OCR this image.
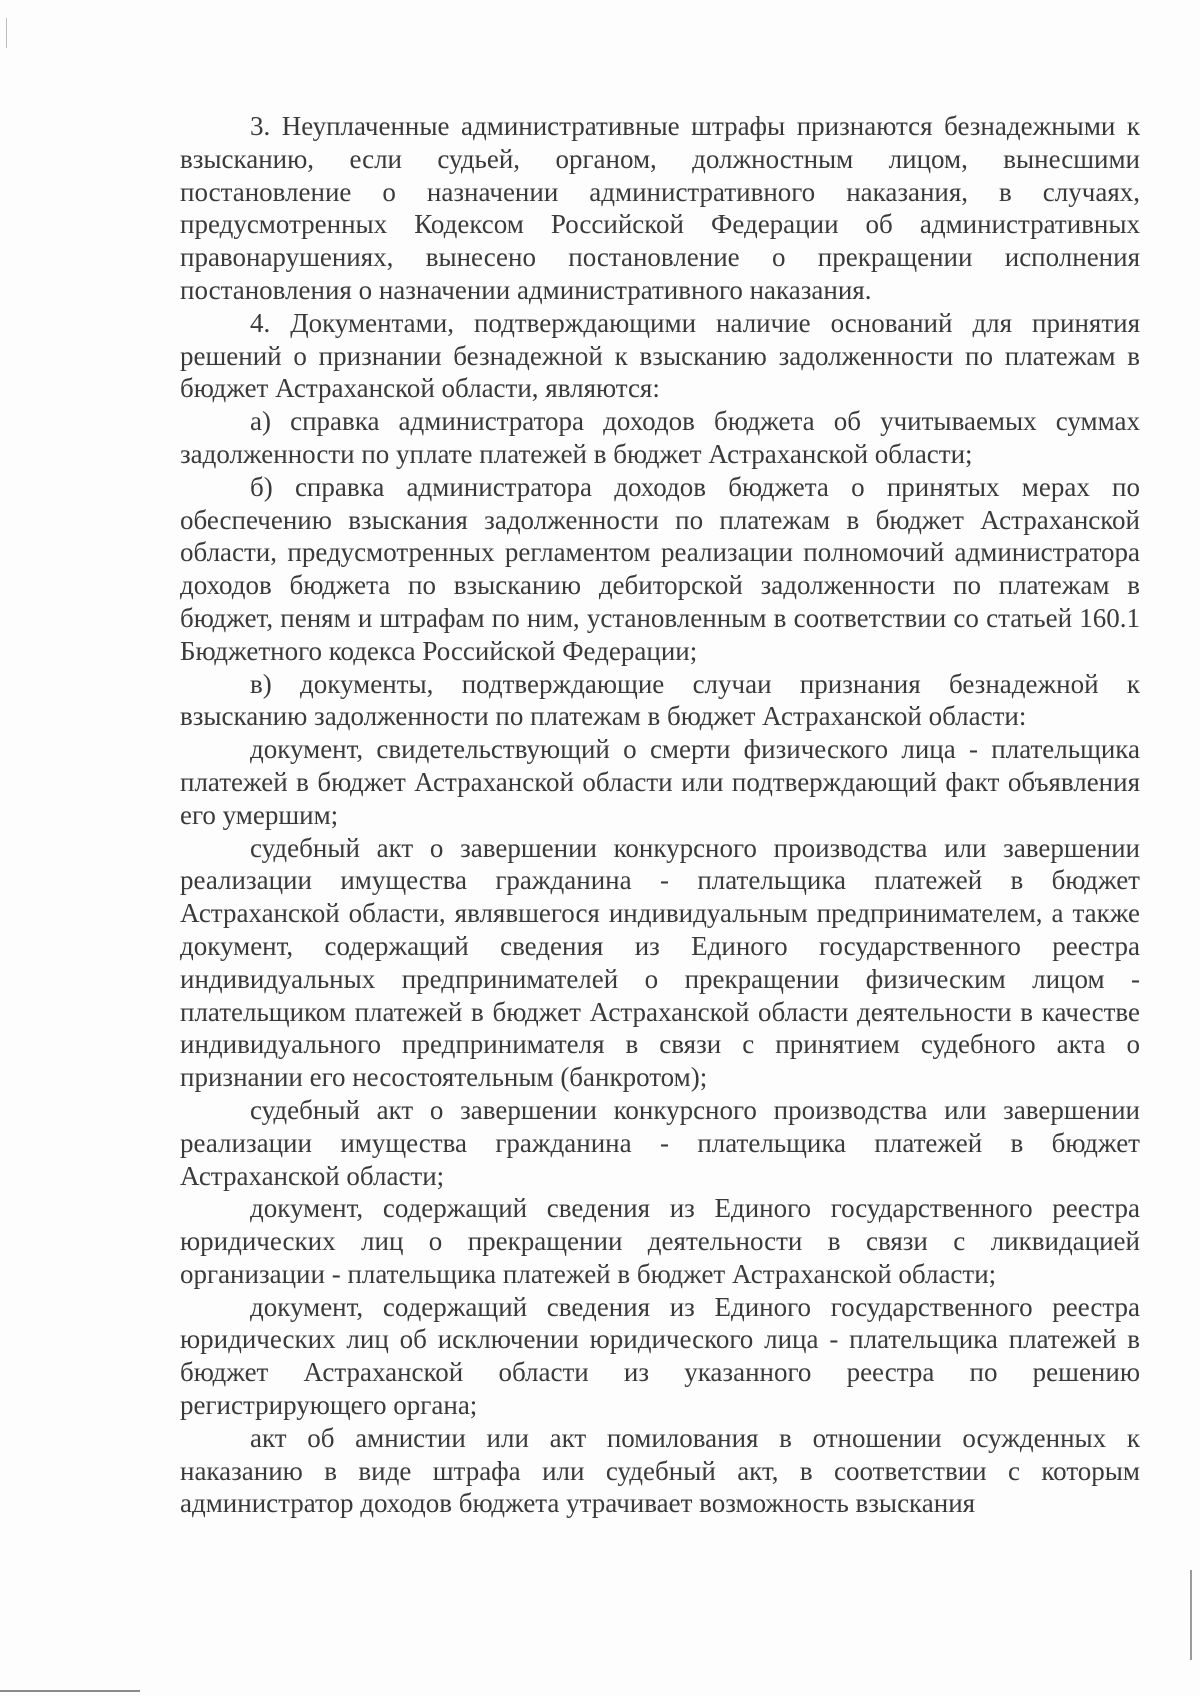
3. Неуплаченные административные штрафы признаются безнадежными к взысканию, если судьей, органом, должностным лицом, вынесшими постановление о назначении административного наказания, в случаях, предусмотренных Кодексом Российской Федерации об административных правонарушениях, вынесено постановление о прекращении исполнения постановления о назначении административного наказания.

4. Документами, подтверждающими наличие оснований для принятия решений о признании безнадежной к взысканию задолженности по платежам в бюджет Астраханской области, являются:

а) справка администратора доходов бюджета об учитываемых суммах задолженности по уплате платежей в бюджет Астраханской области;

б) справка администратора доходов бюджета о принятых мерах по обеспечению взыскания задолженности по платежам в бюджет Астраханской области, предусмотренных регламентом реализации полномочий администратора доходов бюджета по взысканию дебиторской задолженности по платежам в бюджет, пеням и штрафам по ним, установленным в соответствии со статьей 160.1 Бюджетного кодекса Российской Федерации;

в) документы, подтверждающие случаи признания безнадежной к взысканию задолженности по платежам в бюджет Астраханской области:

документ, свидетельствующий о смерти физического лица - плательщика платежей в бюджет Астраханской области или подтверждающий факт объявления его умершим;

судебный акт о завершении конкурсного производства или завершении реализации имущества гражданина - плательщика платежей в бюджет Астраханской области, являвшегося индивидуальным предпринимателем, а также документ, содержащий сведения из Единого государственного реестра индивидуальных предпринимателей о прекращении физическим лицом - плательщиком платежей в бюджет Астраханской области деятельности в качестве индивидуального предпринимателя в связи с принятием судебного акта о признании его несостоятельным (банкротом);

судебный акт о завершении конкурсного производства или завершении реализации имущества гражданина - плательщика платежей в бюджет Астраханской области;

документ, содержащий сведения из Единого государственного реестра юридических лиц о прекращении деятельности в связи с ликвидацией организации - плательщика платежей в бюджет Астраханской области;

документ, содержащий сведения из Единого государственного реестра юридических лиц об исключении юридического лица - плательщика платежей в бюджет Астраханской области из указанного реестра по решению регистрирующего органа;

акт об амнистии или акт помилования в отношении осужденных к наказанию в виде штрафа или судебный акт, в соответствии с которым администратор доходов бюджета утрачивает возможность взыскания
